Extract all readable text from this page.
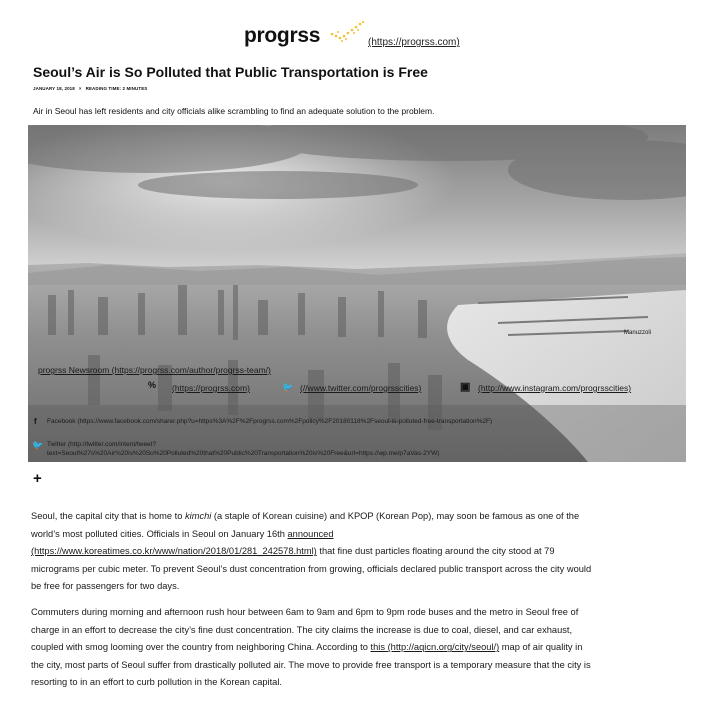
progrss	(https://progrss.com)
Seoul’s Air is So Polluted that Public Transportation is Free
JANUARY 18, 2018 × READING TIME: 2 MINUTES
Air in Seoul has left residents and city officials alike scrambling to find an adequate solution to the problem.
Manuzzoli
progrss Newsroom (https://progrss.com/author/progrss-team/)
% (https://progrss.com)	🐦 (//www.twitter.com/progrsscities)	▣ (http://www.instagram.com/progrsscities)
f Facebook (https://www.facebook.com/sharer.php?u=https%3A%2F%2Fprogrss.com%2Fpolicy%2F20180118%2Fseoul-is-polluted-free-transportation%2F)
🐦 Twitter (http://twitter.com/intent/tweet?
text=Seoul%27s%20Air%20is%20So%20Polluted%20that%20Public%20Transportation%20is%20Free&url=https://wp.me/p7aVas-2YW)
+
Seoul, the capital city that is home to kimchi (a staple of Korean cuisine) and KPOP (Korean Pop), may soon be famous as one of the
world’s most polluted cities. Officials in Seoul on January 16th announced
(https://www.koreatimes.co.kr/www/nation/2018/01/281_242578.html) that fine dust particles floating around the city stood at 79
micrograms per cubic meter. To prevent Seoul’s dust concentration from growing, officials declared public transport across the city would
be free for passengers for two days.
Commuters during morning and afternoon rush hour between 6am to 9am and 6pm to 9pm rode buses and the metro in Seoul free of
charge in an effort to decrease the city’s fine dust concentration. The city claims the increase is due to coal, diesel, and car exhaust,
coupled with smog looming over the country from neighboring China. According to this (http://aqicn.org/city/seoul/) map of air quality in
the city, most parts of Seoul suffer from drastically polluted air. The move to provide free transport is a temporary measure that the city is
resorting to in an effort to curb pollution in the Korean capital.
